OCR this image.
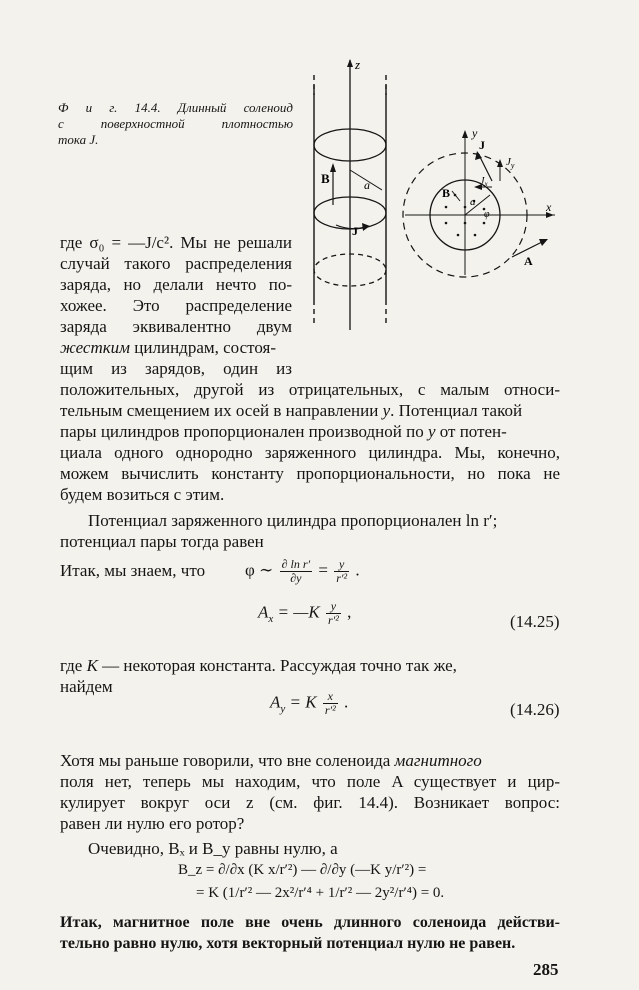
Ф и г. 14.4. Длинный соленоид
с поверхностной плотностью
тока J.
z
B	a
J
y
x
a
φ
B
J
$J_y$
$J_x$
A
где σ₀ = —J/c². Мы не решали
случай такого распределения
заряда, но делали нечто по-
хожее. Это распределение
заряда эквивалентно двум
жестким цилиндрам, состоя-
щим из зарядов, один из
положительных, другой из отрицательных, с малым относи-
тельным смещением их осей в направлении y. Потенциал такой
пары цилиндров пропорционален производной по y от потен-
циала одного однородно заряженного цилиндра. Мы, конечно,
можем вычислить константу пропорциональности, но пока не
будем возиться с этим.
Потенциал заряженного цилиндра пропорционален ln r′;
потенциал пары тогда равен
φ ∼ $\frac{\text{∂ ln r′}}{\partial y} = \frac{y}{\text{r′²}}$ .
Итак, мы знаем, что
$A_x$ = —K $\frac{y}{\text{r′²}}$ ,
(14.25)
где K — некоторая константа. Рассуждая точно так же,
найдем
$A_y = K \frac{x}{\text{r′²}}$ .	(14.26)
Хотя мы раньше говорили, что вне соленоида магнитного
поля нет, теперь мы находим, что поле A существует и цир-
кулирует вокруг оси z (см. фиг. 14.4). Возникает вопрос:
равен ли нулю его ротор?
Очевидно, Bₓ и B_y равны нулю, а
B_z = ∂/∂x (K x/r′²) — ∂/∂y (—K y/r′²) =
= K (1/r′² — 2x²/r′⁴ + 1/r′² — 2y²/r′⁴) = 0.
Итак, магнитное поле вне очень длинного соленоида действи-
тельно равно нулю, хотя векторный потенциал нулю не равен.
285
